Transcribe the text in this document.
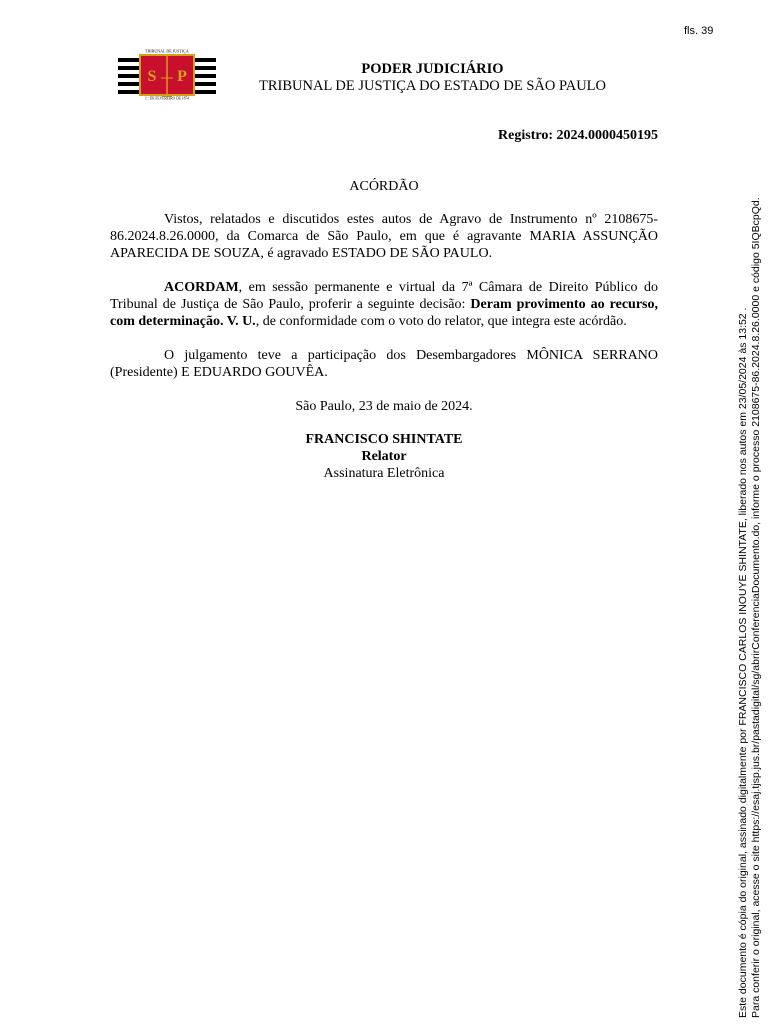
fls. 39
S P
TRIBUNAL DE JUSTIÇA
1.º DE FEVEREIRO DE 1874
PODER JUDICIÁRIO
TRIBUNAL DE JUSTIÇA DO ESTADO DE SÃO PAULO
Registro: 2024.0000450195
ACÓRDÃO

Vistos, relatados e discutidos estes autos de Agravo de Instrumento nº 2108675-86.2024.8.26.0000, da Comarca de São Paulo, em que é agravante MARIA ASSUNÇÃO APARECIDA DE SOUZA, é agravado ESTADO DE SÃO PAULO.

ACORDAM, em sessão permanente e virtual da 7ª Câmara de Direito Público do Tribunal de Justiça de São Paulo, proferir a seguinte decisão: Deram provimento ao recurso, com determinação. V. U., de conformidade com o voto do relator, que integra este acórdão.

O julgamento teve a participação dos Desembargadores MÔNICA SERRANO (Presidente) E EDUARDO GOUVÊA.

São Paulo, 23 de maio de 2024.
FRANCISCO SHINTATE
Relator
Assinatura Eletrônica	Este documento é cópia do original, assinado digitalmente por FRANCISCO CARLOS INOUYE SHINTATE, liberado nos autos em 23/05/2024 às 13:52 . Para conferir o original, acesse o site https://esaj.tjsp.jus.br/pastadigital/sg/abrirConferenciaDocumento.do, informe o processo 2108675-86.2024.8.26.0000 e código 5IQBcpQd.
